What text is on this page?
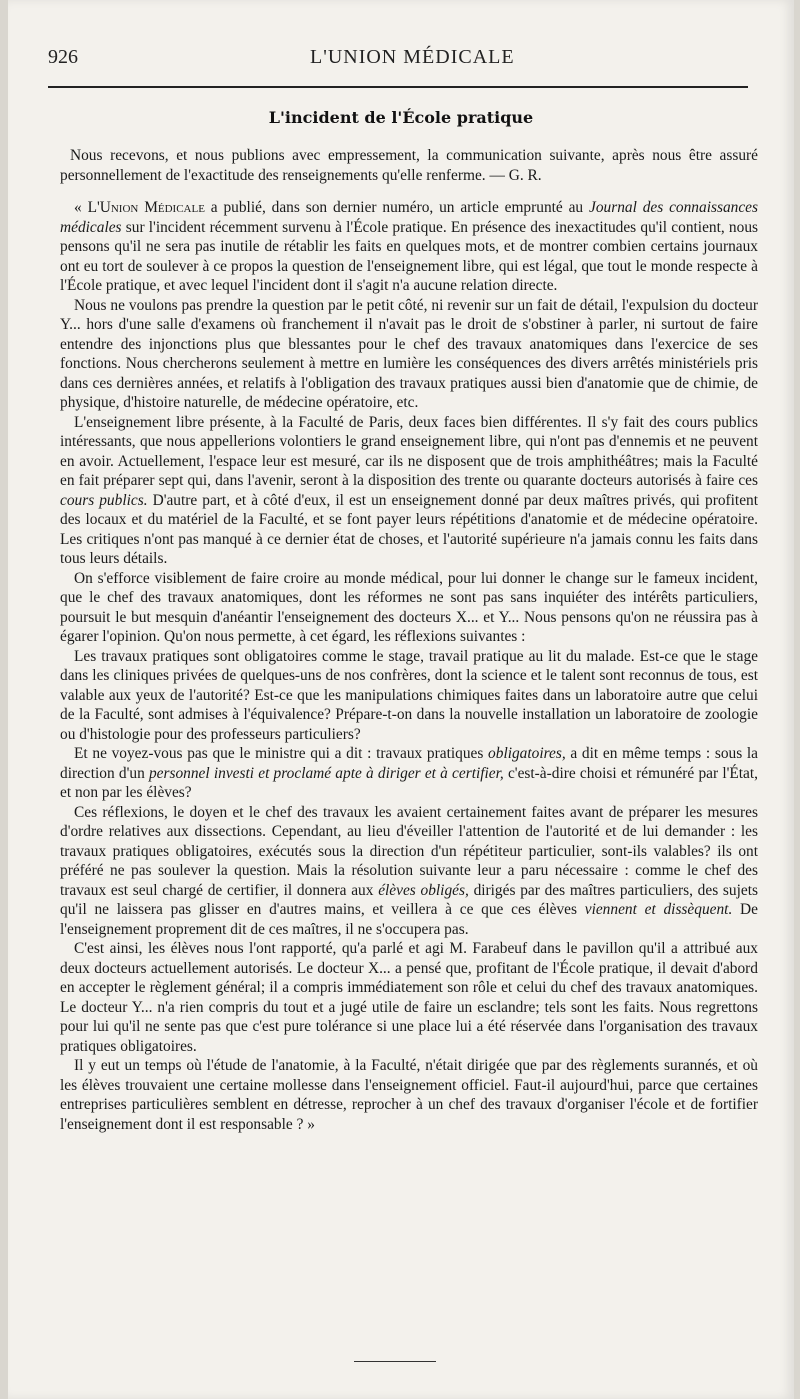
926	L'UNION MÉDICALE
L'incident de l'École pratique

Nous recevons, et nous publions avec empressement, la communication suivante, après nous être assuré personnellement de l'exactitude des renseignements qu'elle renferme. — G. R.

« L'Union Médicale a publié, dans son dernier numéro, un article emprunté au Journal des connaissances médicales sur l'incident récemment survenu à l'École pratique. En présence des inexactitudes qu'il contient, nous pensons qu'il ne sera pas inutile de rétablir les faits en quelques mots, et de montrer combien certains journaux ont eu tort de soulever à ce propos la question de l'enseignement libre, qui est légal, que tout le monde respecte à l'École pratique, et avec lequel l'incident dont il s'agit n'a aucune relation directe.

Nous ne voulons pas prendre la question par le petit côté, ni revenir sur un fait de détail, l'expulsion du docteur Y... hors d'une salle d'examens où franchement il n'avait pas le droit de s'obstiner à parler, ni surtout de faire entendre des injonctions plus que blessantes pour le chef des travaux anatomiques dans l'exercice de ses fonctions. Nous chercherons seulement à mettre en lumière les conséquences des divers arrêtés ministériels pris dans ces dernières années, et relatifs à l'obligation des travaux pratiques aussi bien d'anatomie que de chimie, de physique, d'histoire naturelle, de médecine opératoire, etc.

L'enseignement libre présente, à la Faculté de Paris, deux faces bien différentes. Il s'y fait des cours publics intéressants, que nous appellerions volontiers le grand enseignement libre, qui n'ont pas d'ennemis et ne peuvent en avoir. Actuellement, l'espace leur est mesuré, car ils ne disposent que de trois amphithéâtres; mais la Faculté en fait préparer sept qui, dans l'avenir, seront à la disposition des trente ou quarante docteurs autorisés à faire ces cours publics. D'autre part, et à côté d'eux, il est un enseignement donné par deux maîtres privés, qui profitent des locaux et du matériel de la Faculté, et se font payer leurs répétitions d'anatomie et de médecine opératoire. Les critiques n'ont pas manqué à ce dernier état de choses, et l'autorité supérieure n'a jamais connu les faits dans tous leurs détails.

On s'efforce visiblement de faire croire au monde médical, pour lui donner le change sur le fameux incident, que le chef des travaux anatomiques, dont les réformes ne sont pas sans inquiéter des intérêts particuliers, poursuit le but mesquin d'anéantir l'enseignement des docteurs X... et Y... Nous pensons qu'on ne réussira pas à égarer l'opinion. Qu'on nous permette, à cet égard, les réflexions suivantes :

Les travaux pratiques sont obligatoires comme le stage, travail pratique au lit du malade. Est-ce que le stage dans les cliniques privées de quelques-uns de nos confrères, dont la science et le talent sont reconnus de tous, est valable aux yeux de l'autorité? Est-ce que les manipulations chimiques faites dans un laboratoire autre que celui de la Faculté, sont admises à l'équivalence? Prépare-t-on dans la nouvelle installation un laboratoire de zoologie ou d'histologie pour des professeurs particuliers?

Et ne voyez-vous pas que le ministre qui a dit : travaux pratiques obligatoires, a dit en même temps : sous la direction d'un personnel investi et proclamé apte à diriger et à certifier, c'est-à-dire choisi et rémunéré par l'État, et non par les élèves?

Ces réflexions, le doyen et le chef des travaux les avaient certainement faites avant de préparer les mesures d'ordre relatives aux dissections. Cependant, au lieu d'éveiller l'attention de l'autorité et de lui demander : les travaux pratiques obligatoires, exécutés sous la direction d'un répétiteur particulier, sont-ils valables? ils ont préféré ne pas soulever la question. Mais la résolution suivante leur a paru nécessaire : comme le chef des travaux est seul chargé de certifier, il donnera aux élèves obligés, dirigés par des maîtres particuliers, des sujets qu'il ne laissera pas glisser en d'autres mains, et veillera à ce que ces élèves viennent et dissèquent. De l'enseignement proprement dit de ces maîtres, il ne s'occupera pas.

C'est ainsi, les élèves nous l'ont rapporté, qu'a parlé et agi M. Farabeuf dans le pavillon qu'il a attribué aux deux docteurs actuellement autorisés. Le docteur X... a pensé que, profitant de l'École pratique, il devait d'abord en accepter le règlement général; il a compris immédiatement son rôle et celui du chef des travaux anatomiques. Le docteur Y... n'a rien compris du tout et a jugé utile de faire un esclandre; tels sont les faits. Nous regrettons pour lui qu'il ne sente pas que c'est pure tolérance si une place lui a été réservée dans l'organisation des travaux pratiques obligatoires.

Il y eut un temps où l'étude de l'anatomie, à la Faculté, n'était dirigée que par des règlements surannés, et où les élèves trouvaient une certaine mollesse dans l'enseignement officiel. Faut-il aujourd'hui, parce que certaines entreprises particulières semblent en détresse, reprocher à un chef des travaux d'organiser l'école et de fortifier l'enseignement dont il est responsable ? »
